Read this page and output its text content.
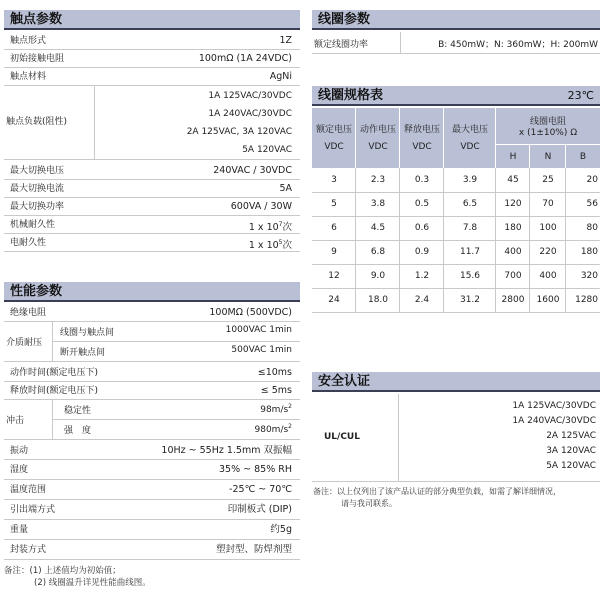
触点参数
触点形式	1Z
初始接触电阻	100mΩ (1A 24VDC)
触点材料	AgNi
触点负载(阻性)
1A 125VAC/30VDC
1A 240VAC/30VDC
2A 125VAC, 3A 120VAC
5A 120VAC
最大切换电压	240VAC / 30VDC
最大切换电流	5A
最大切换功率	600VA / 30W
机械耐久性	1 x $10^7$次
电耐久性	1 x $10^5$次
性能参数
绝缘电阻	100MΩ (500VDC)
介质耐压
线圈与触点间	1000VAC 1min
断开触点间	500VAC 1min
动作时间(额定电压下)	≤10ms
释放时间(额定电压下)	≤ 5ms
冲击
稳定性	$98m/s^2$
强　度	$980m/s^2$
振动	10Hz ~ 55Hz 1.5mm 双振幅
湿度	35% ~ 85% RH
温度范围	-25℃ ~ 70℃
引出端方式	印制板式 (DIP)
重量	约5g
封装方式	塑封型、防焊剂型
备注：(1) 上述值均为初始值；
(2) 线圈温升详见性能曲线图。
线圈参数
额定线圈功率	B: 450mW；N: 360mW；H: 200mW
线圈规格表	23℃
额定电压
VDC
动作电压
VDC
释放电压
VDC
最大电压
VDC
线圈电阻
x (1±10%) Ω
H	N	B
3	2.3	0.3	3.9	45	25	20
5	3.8	0.5	6.5	120	70	56
6	4.5	0.6	7.8	180	100	80
9	6.8	0.9	11.7	400	220	180
12	9.0	1.2	15.6	700	400	320
24	18.0	2.4	31.2	2800	1600	1280
安全认证
UL/CUL
1A 125VAC/30VDC
1A 240VAC/30VDC
2A 125VAC
3A 120VAC
5A 120VAC
备注：以上仅列出了该产品认证的部分典型负载，如需了解详细情况，
请与我司联系。
